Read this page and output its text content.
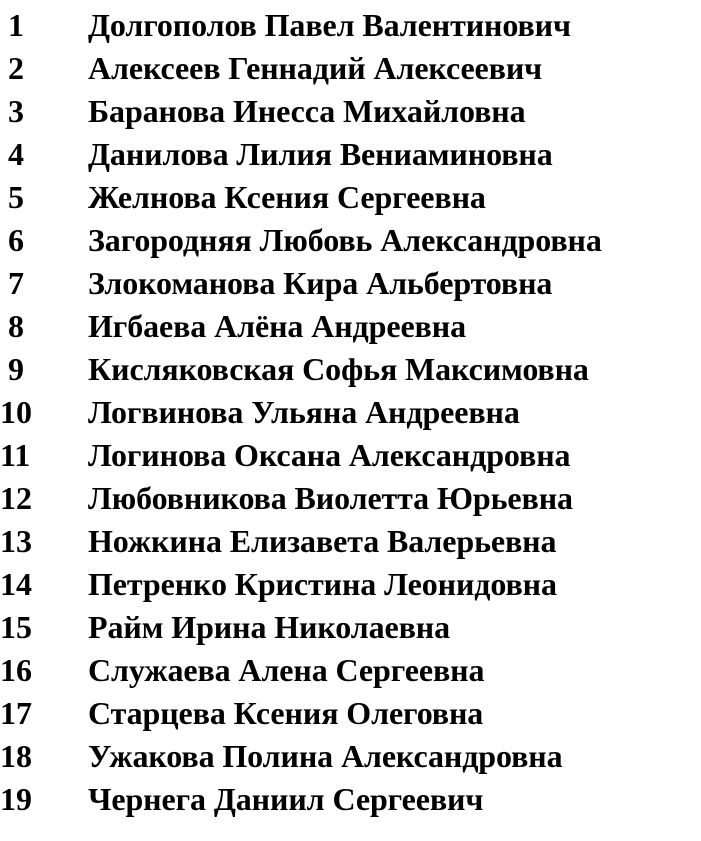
1	Долгополов Павел Валентинович
2	Алексеев Геннадий Алексеевич
3	Баранова Инесса Михайловна
4	Данилова Лилия Вениаминовна
5	Желнова Ксения Сергеевна
6	Загородняя Любовь Александровна
7	Злокоманова Кира Альбертовна
8	Игбаева Алёна Андреевна
9	Кисляковская Софья Максимовна
10	Логвинова Ульяна Андреевна
11	Логинова Оксана Александровна
12	Любовникова Виолетта Юрьевна
13	Ножкина Елизавета Валерьевна
14	Петренко Кристина Леонидовна
15	Райм Ирина Николаевна
16	Служаева Алена Сергеевна
17	Старцева Ксения Олеговна
18	Ужакова Полина Александровна
19	Чернега Даниил Сергеевич
